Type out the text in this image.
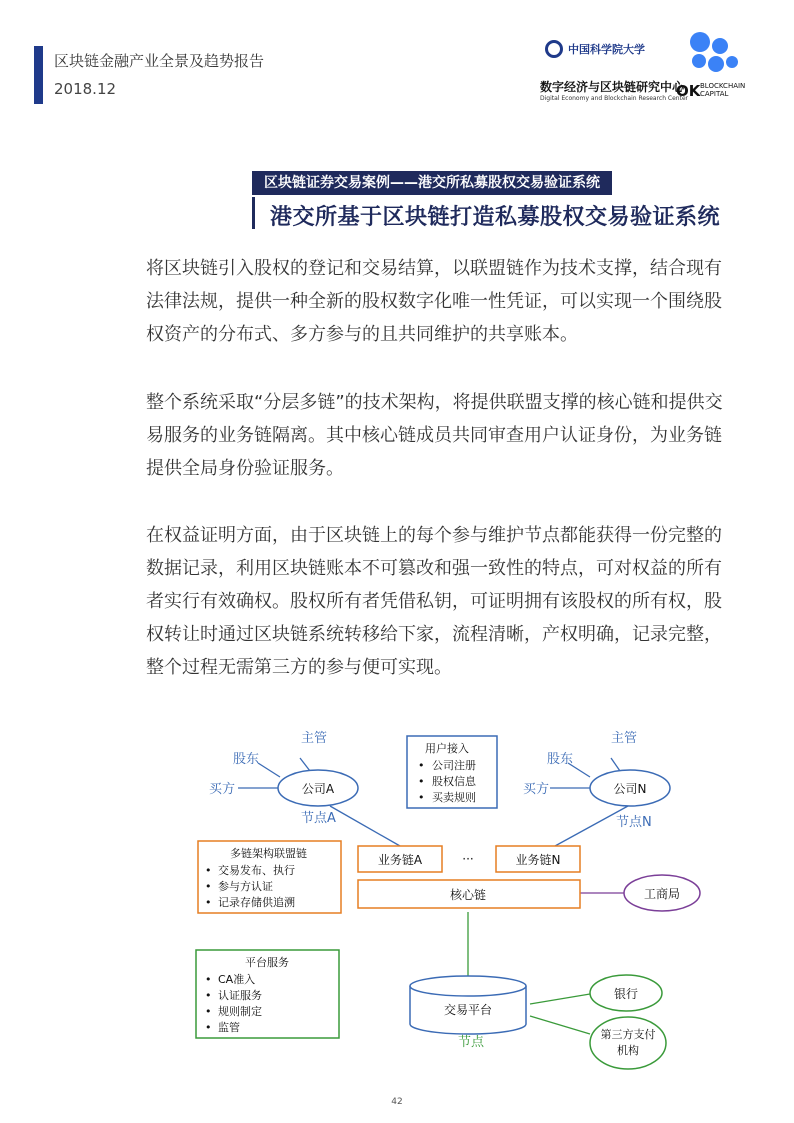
区块链金融产业全景及趋势报告
2018.12
中国科学院大学
数字经济与区块链研究中心
Digital Economy and Blockchain Research Center
OK BLOCKCHAIN CAPITAL
区块链证券交易案例——港交所私募股权交易验证系统
港交所基于区块链打造私募股权交易验证系统
将区块链引入股权的登记和交易结算，以联盟链作为技术支撑，结合现有法律法规，提供一种全新的股权数字化唯一性凭证，可以实现一个围绕股权资产的分布式、多方参与的且共同维护的共享账本。
整个系统采取“分层多链”的技术架构，将提供联盟支撑的核心链和提供交易服务的业务链隔离。其中核心链成员共同审查用户认证身份，为业务链提供全局身份验证服务。
在权益证明方面，由于区块链上的每个参与维护节点都能获得一份完整的数据记录，利用区块链账本不可篡改和强一致性的特点，可对权益的所有者实行有效确权。股权所有者凭借私钥，可证明拥有该股权的所有权，股权转让时通过区块链系统转移给下家，流程清晰，产权明确，记录完整，整个过程无需第三方的参与便可实现。
公司A
股东
主管
买方
节点A
公司N
股东
主管
买方
节点N
用户接入
• 公司注册
• 股权信息
• 买卖规则
多链架构联盟链
• 交易发布、执行
• 参与方认证
• 记录存储供追溯
业务链A	···	业务链N
核心链	工商局
平台服务
• CA准入
• 认证服务
• 规则制定
• 监管
交易平台
节点
银行
第三方支付机构
42
